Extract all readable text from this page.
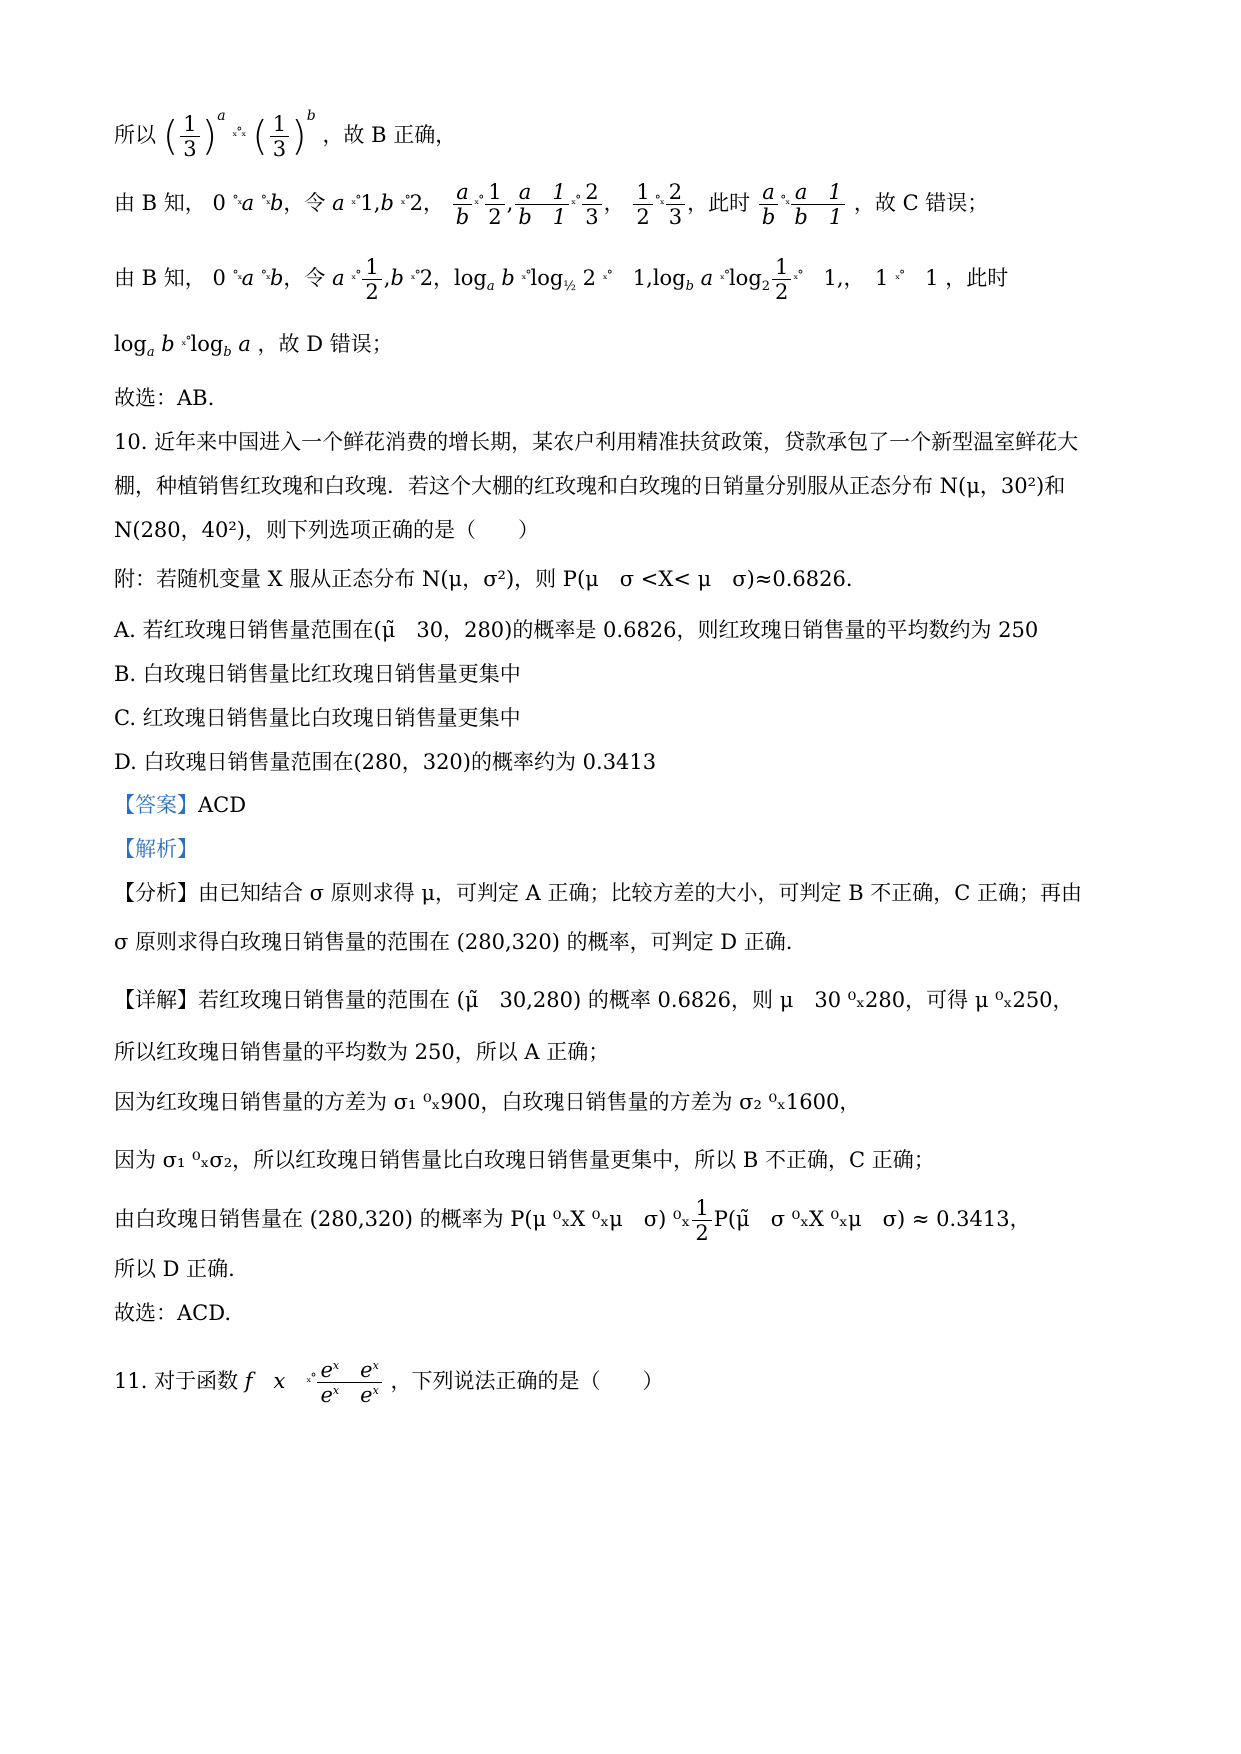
所以 ( $\frac{1}{3} )^a$ $^{_x^\circ_x}$ ( $\frac{1}{3} )^b$ ，故 B 正确，
由 B 知， 0 $^{^\circ_x}$a $^{^\circ_x}$b，令 a $^{_x^\circ}$1,b $^{_x^\circ}$2， $\frac{a}{b} ^{_x^\circ} \frac{1}{2}$ , $\frac{a 1}{b 1} ^{_x^\circ} \frac{2}{3}$ ， $\frac{1}{2} ^{^\circ_x} \frac{2}{3}$ ，此时 $\frac{a}{b} ^{^\circ_x} \frac{a 1}{b 1}$ ，故 C 错误；
由 B 知， 0 $^{^\circ_x}$a $^{^\circ_x}$b，令 a $^{_x^\circ} \frac{1}{2} ,b$ $^{_x^\circ}$2，$\log_a b$ $^{_x^\circ}\log_{\frac{1}{2}}$ 2 $^{_x^\circ}$　$1,\log_b$ a $^{_x^\circ}\log_2 \frac{1}{2} ^{_x^\circ}$　1,，　1 $^{_x^\circ}$　1 ，此时
$\log_a b$ $^{_x^\circ}\log_b$ a ，故 D 错误；
故选：AB.
10. 近年来中国进入一个鲜花消费的增长期，某农户利用精准扶贫政策，贷款承包了一个新型温室鲜花大
棚，种植销售红玫瑰和白玫瑰．若这个大棚的红玫瑰和白玫瑰的日销量分别服从正态分布 N(μ，30²)和
N(280，40²)，则下列选项正确的是（　　）
附：若随机变量 X 服从正态分布 N(μ，σ²)，则 P(μ　σ <X< μ　σ)≈0.6826．
A. 若红玫瑰日销售量范围在(μ̃　30，280)的概率是 0.6826，则红玫瑰日销售量的平均数约为 250
B. 白玫瑰日销售量比红玫瑰日销售量更集中
C. 红玫瑰日销售量比白玫瑰日销售量更集中
D. 白玫瑰日销售量范围在(280，320)的概率约为 0.3413
【答案】ACD
【解析】
【分析】由已知结合 σ 原则求得 μ，可判定 A 正确；比较方差的大小，可判定 B 不正确，C 正确；再由
σ 原则求得白玫瑰日销售量的范围在 (280,320) 的概率，可判定 D 正确.
【详解】若红玫瑰日销售量的范围在 (μ̃　30,280) 的概率 0.6826，则 μ　30 ⁰ₓ280，可得 μ ⁰ₓ250，
所以红玫瑰日销售量的平均数为 250，所以 A 正确；
因为红玫瑰日销售量的方差为 σ₁ ⁰ₓ900，白玫瑰日销售量的方差为 σ₂ ⁰ₓ1600，
因为 σ₁ ⁰ₓσ₂，所以红玫瑰日销售量比白玫瑰日销售量更集中，所以 B 不正确，C 正确；
由白玫瑰日销售量在 (280,320) 的概率为 P(μ ⁰ₓX ⁰ₓμ　σ) $^0_x \frac{1}{2}$ P(μ̃　σ ⁰ₓX ⁰ₓμ　σ) ≈ 0.3413，
所以 D 正确.
故选：ACD.
11. 对于函数 f　 x　 $^{_x^\circ} \frac{e^x e^x}{e^x e^x}$ ，下列说法正确的是（　　）
